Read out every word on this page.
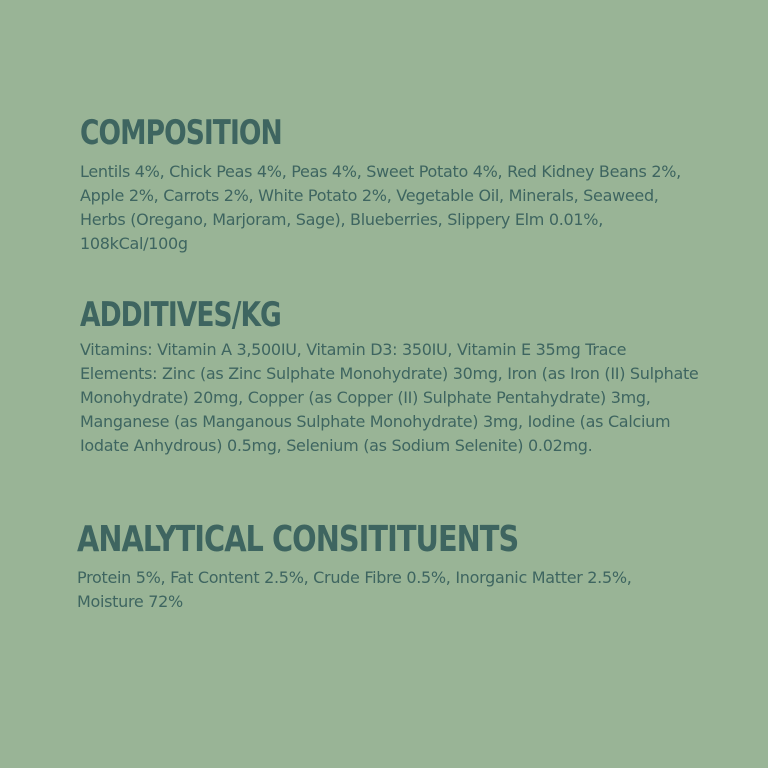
COMPOSITION

Lentils 4%, Chick Peas 4%, Peas 4%, Sweet Potato 4%, Red Kidney Beans 2%, Apple 2%, Carrots 2%, White Potato 2%, Vegetable Oil, Minerals, Seaweed, Herbs (Oregano, Marjoram, Sage), Blueberries, Slippery Elm 0.01%, 108kCal/100g

ADDITIVES/KG

Vitamins: Vitamin A 3,500IU, Vitamin D3: 350IU, Vitamin E 35mg Trace Elements: Zinc (as Zinc Sulphate Monohydrate) 30mg, Iron (as Iron (II) Sulphate Monohydrate) 20mg, Copper (as Copper (II) Sulphate Pentahydrate) 3mg, Manganese (as Manganous Sulphate Monohydrate) 3mg, Iodine (as Calcium Iodate Anhydrous) 0.5mg, Selenium (as Sodium Selenite) 0.02mg.

ANALYTICAL CONSITITUENTS

Protein 5%, Fat Content 2.5%, Crude Fibre 0.5%, Inorganic Matter 2.5%, Moisture 72%
